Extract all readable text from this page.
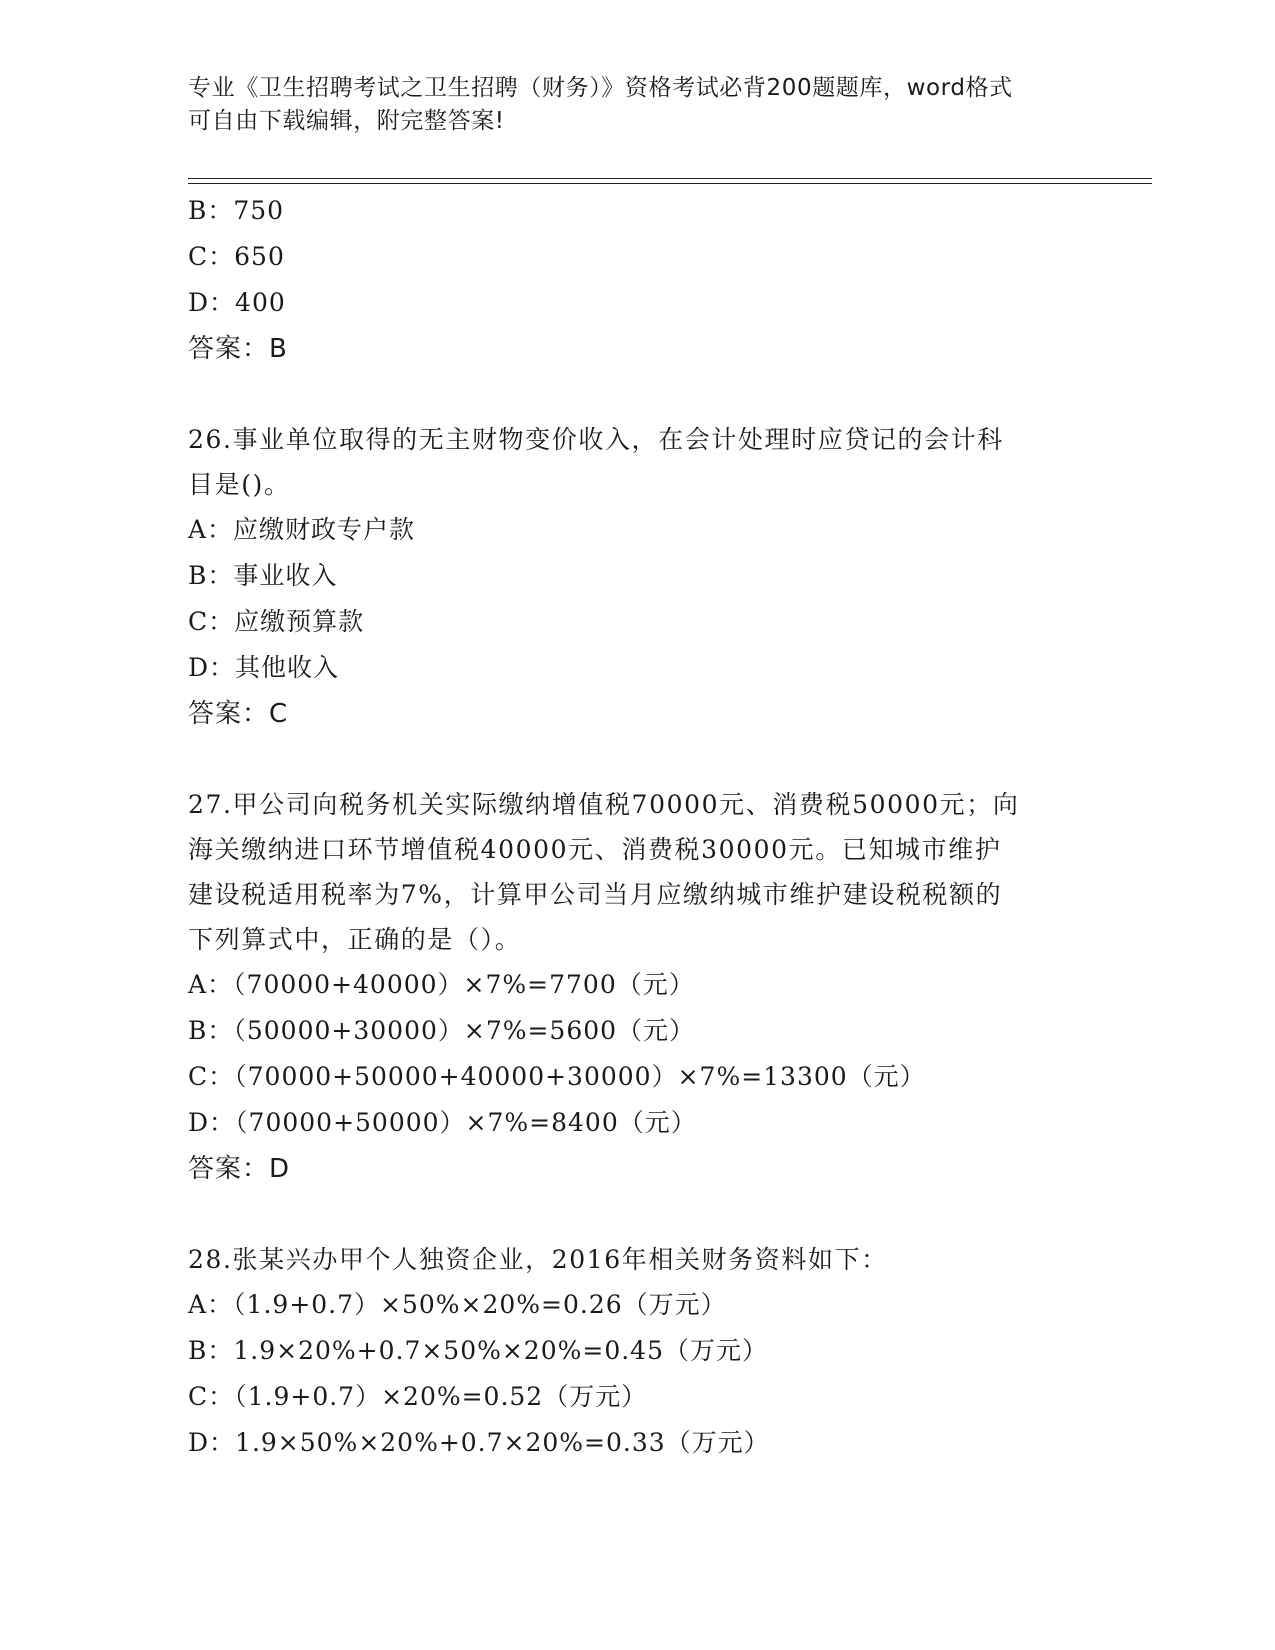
专业《卫生招聘考试之卫生招聘（财务）》资格考试必背200题题库，word格式
可自由下载编辑，附完整答案!
B：750
C：650
D：400
答案：B
26.事业单位取得的无主财物变价收入，在会计处理时应贷记的会计科
目是()。
A：应缴财政专户款
B：事业收入
C：应缴预算款
D：其他收入
答案：C
27.甲公司向税务机关实际缴纳增值税70000元、消费税50000元；向
海关缴纳进口环节增值税40000元、消费税30000元。已知城市维护
建设税适用税率为7%，计算甲公司当月应缴纳城市维护建设税税额的
下列算式中，正确的是（）。
A：（70000+40000）×7%=7700（元）
B：（50000+30000）×7%=5600（元）
C：（70000+50000+40000+30000）×7%=13300（元）
D：（70000+50000）×7%=8400（元）
答案：D
28.张某兴办甲个人独资企业，2016年相关财务资料如下：
A：（1.9+0.7）×50%×20%=0.26（万元）
B：1.9×20%+0.7×50%×20%=0.45（万元）
C：（1.9+0.7）×20%=0.52（万元）
D：1.9×50%×20%+0.7×20%=0.33（万元）
